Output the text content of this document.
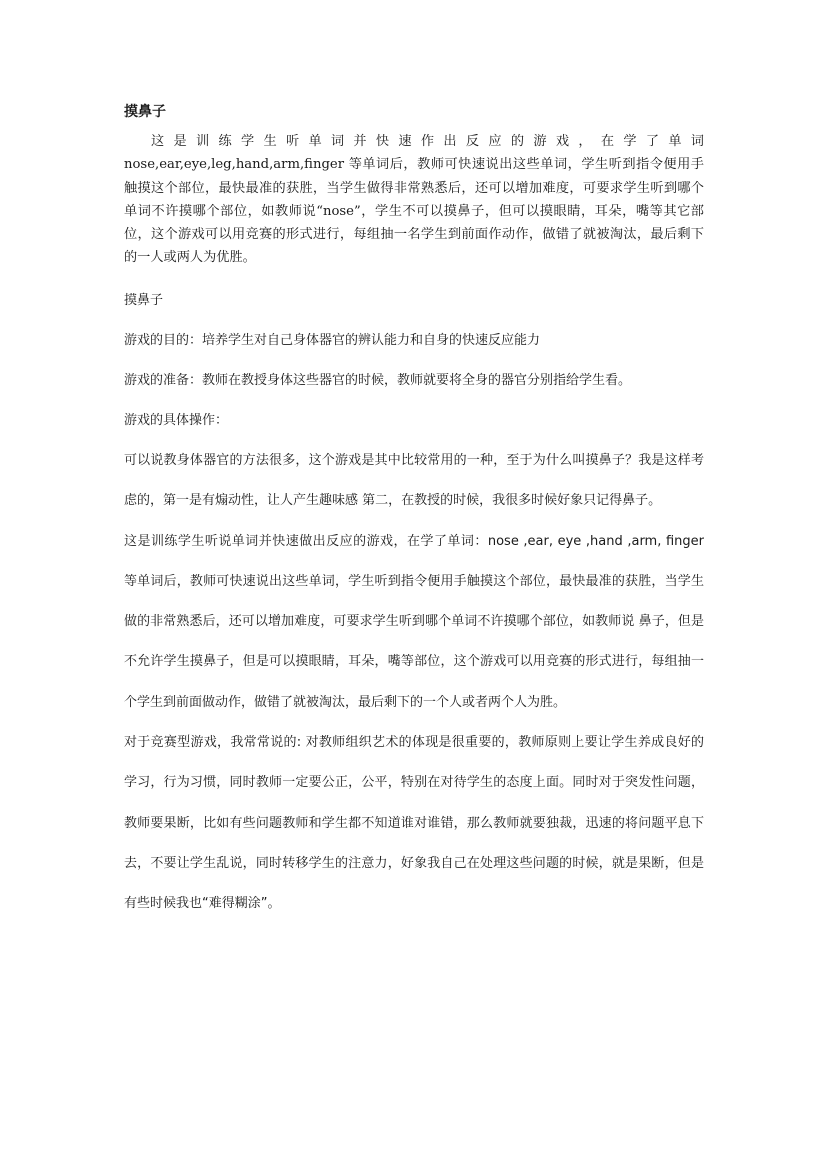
摸鼻子

这是训练学生听单词并快速作出反应的游戏，在学了单词 nose,ear,eye,leg,hand,arm,finger 等单词后，教师可快速说出这些单词，学生听到指令便用手触摸这个部位，最快最准的获胜，当学生做得非常熟悉后，还可以增加难度，可要求学生听到哪个单词不许摸哪个部位，如教师说“nose”，学生不可以摸鼻子，但可以摸眼睛，耳朵，嘴等其它部位，这个游戏可以用竞赛的形式进行，每组抽一名学生到前面作动作，做错了就被淘汰，最后剩下的一人或两人为优胜。

摸鼻子
游戏的目的：培养学生对自己身体器官的辨认能力和自身的快速反应能力
游戏的准备：教师在教授身体这些器官的时候，教师就要将全身的器官分别指给学生看。
游戏的具体操作：

可以说教身体器官的方法很多，这个游戏是其中比较常用的一种，至于为什么叫摸鼻子？我是这样考虑的，第一是有煽动性，让人产生趣味感 第二，在教授的时候，我很多时候好象只记得鼻子。

这是训练学生听说单词并快速做出反应的游戏，在学了单词：nose ,ear, eye ,hand ,arm, finger 等单词后，教师可快速说出这些单词，学生听到指令便用手触摸这个部位，最快最准的获胜，当学生做的非常熟悉后，还可以增加难度，可要求学生听到哪个单词不许摸哪个部位，如教师说 鼻子，但是不允许学生摸鼻子，但是可以摸眼睛，耳朵，嘴等部位，这个游戏可以用竞赛的形式进行，每组抽一个学生到前面做动作，做错了就被淘汰，最后剩下的一个人或者两个人为胜。

对于竞赛型游戏，我常常说的: 对教师组织艺术的体现是很重要的，教师原则上要让学生养成良好的学习，行为习惯，同时教师一定要公正，公平，特别在对待学生的态度上面。同时对于突发性问题，教师要果断，比如有些问题教师和学生都不知道谁对谁错，那么教师就要独裁，迅速的将问题平息下去，不要让学生乱说，同时转移学生的注意力，好象我自己在处理这些问题的时候，就是果断，但是有些时候我也“难得糊涂”。
